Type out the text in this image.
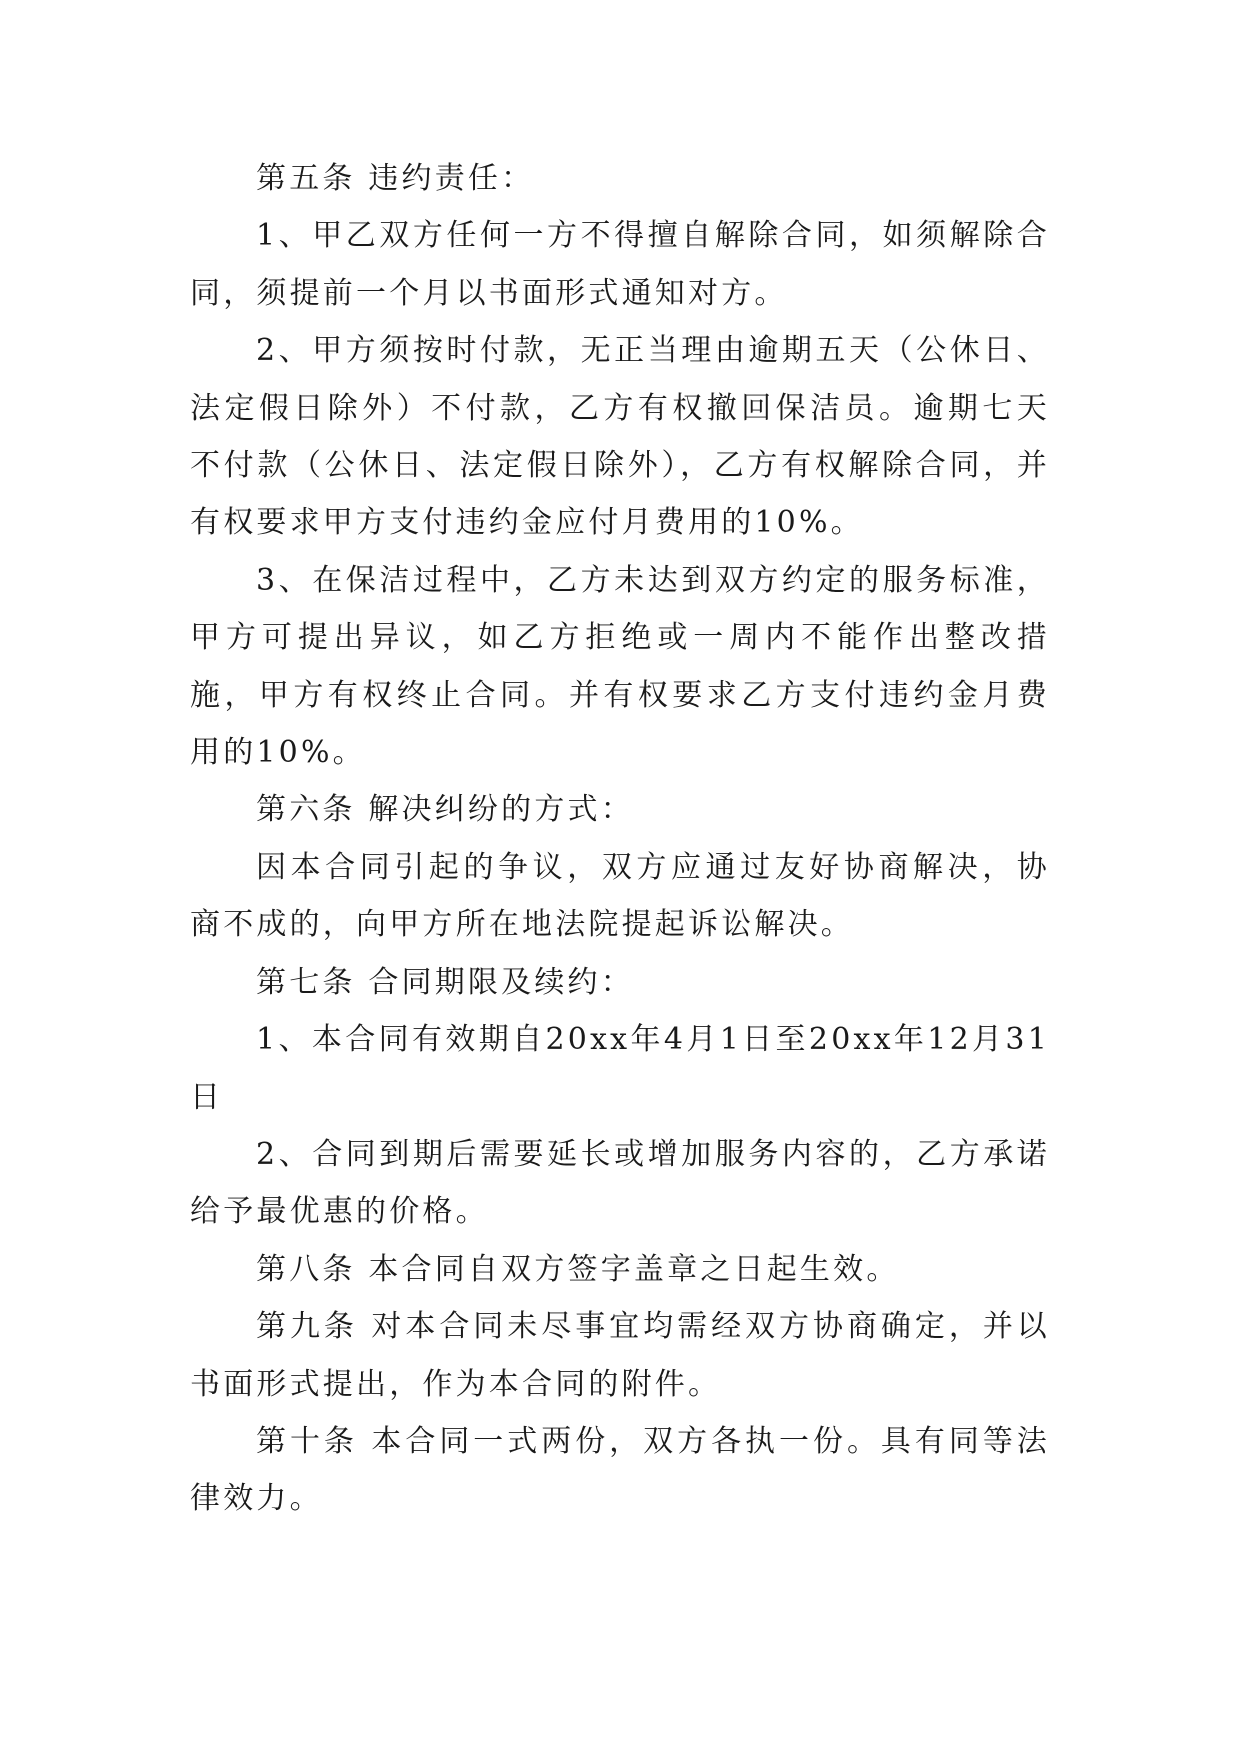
第五条 违约责任：

1、甲乙双方任何一方不得擅自解除合同，如须解除合同，须提前一个月以书面形式通知对方。

2、甲方须按时付款，无正当理由逾期五天（公休日、法定假日除外）不付款，乙方有权撤回保洁员。逾期七天不付款（公休日、法定假日除外），乙方有权解除合同，并有权要求甲方支付违约金应付月费用的10%。

3、在保洁过程中，乙方未达到双方约定的服务标准，甲方可提出异议，如乙方拒绝或一周内不能作出整改措施，甲方有权终止合同。并有权要求乙方支付违约金月费用的10%。

第六条 解决纠纷的方式：

因本合同引起的争议，双方应通过友好协商解决，协商不成的，向甲方所在地法院提起诉讼解决。

第七条 合同期限及续约：

1、本合同有效期自20xx年4月1日至20xx年12月31日

2、合同到期后需要延长或增加服务内容的，乙方承诺给予最优惠的价格。

第八条 本合同自双方签字盖章之日起生效。

第九条 对本合同未尽事宜均需经双方协商确定，并以书面形式提出，作为本合同的附件。

第十条 本合同一式两份，双方各执一份。具有同等法律效力。
